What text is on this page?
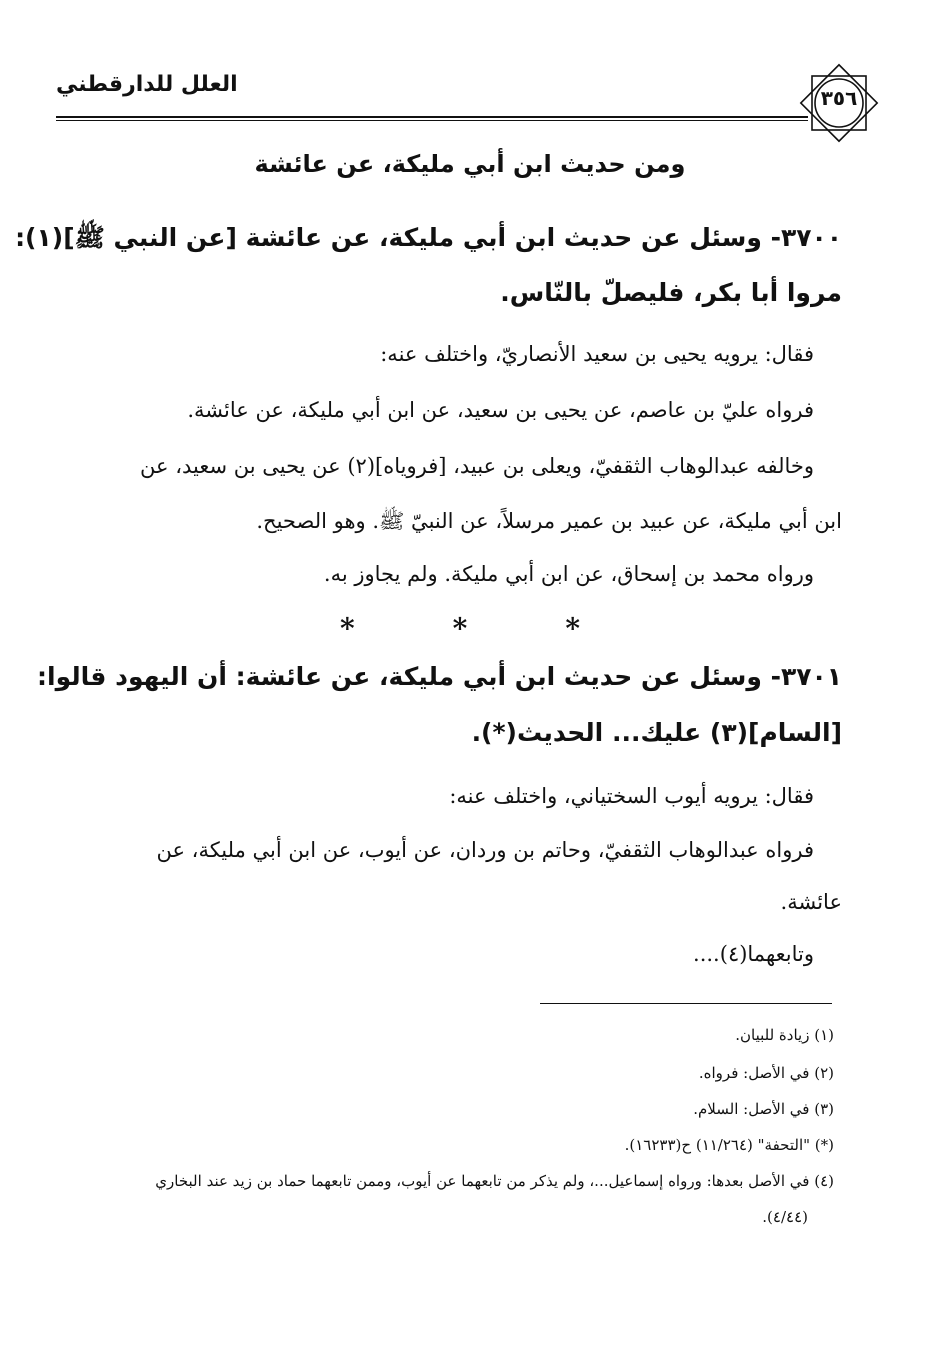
العلل للدارقطني
٣٥٦
ومن حديث ابن أبي مليكة، عن عائشة
٣٧٠٠- وسئل عن حديث ابن أبي مليكة، عن عائشة [عن النبي ﷺ](١):
مروا أبا بكر، فليصلّ بالنّاس.
فقال: يرويه يحيى بن سعيد الأنصاريّ، واختلف عنه:
فرواه عليّ بن عاصم، عن يحيى بن سعيد، عن ابن أبي مليكة، عن عائشة.
وخالفه عبدالوهاب الثقفيّ، ويعلى بن عبيد، [فروياه](٢) عن يحيى بن سعيد، عن
ابن أبي مليكة، عن عبيد بن عمير مرسلاً، عن النبيّ ﷺ. وهو الصحيح.
ورواه محمد بن إسحاق، عن ابن أبي مليكة. ولم يجاوز به.
*	*	*
٣٧٠١- وسئل عن حديث ابن أبي مليكة، عن عائشة: أن اليهود قالوا:
[السام](٣) عليك... الحديث(*).
فقال: يرويه أيوب السختياني، واختلف عنه:
فرواه عبدالوهاب الثقفيّ، وحاتم بن وردان، عن أيوب، عن ابن أبي مليكة، عن
عائشة.
وتابعهما(٤)....
(١) زيادة للبيان.
(٢) في الأصل: فرواه.
(٣) في الأصل: السلام.
(*) "التحفة" (١١/٢٦٤) ح(١٦٢٣٣).
(٤) في الأصل بعدها: ورواه إسماعيل...، ولم يذكر من تابعهما عن أيوب، وممن تابعهما حماد بن زيد عند البخاري
(٤/٤٤).
